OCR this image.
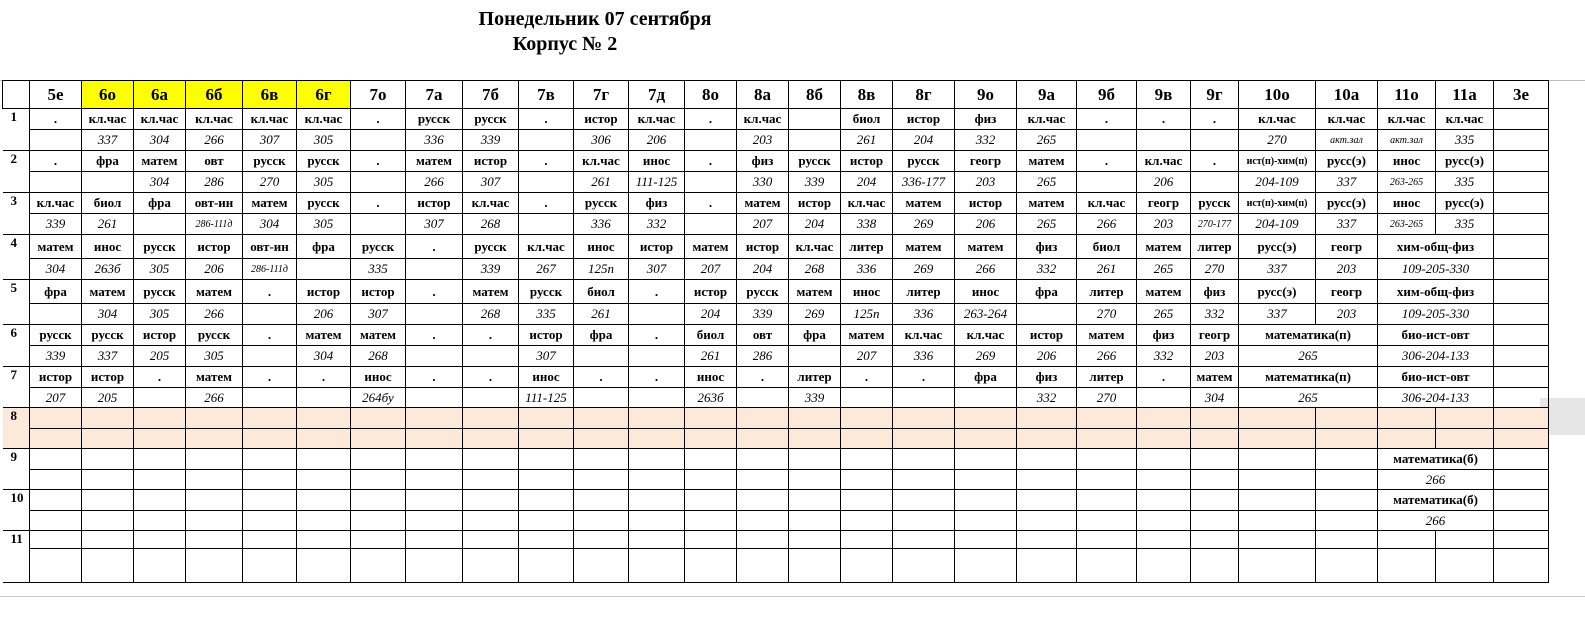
Понедельник 07 сентября
Корпус № 2
	5е	6о	6а	6б	6в	6г	7о	7а	7б	7в	7г	7д	8о	8а	8б	8в	8г	9о	9а	9б	9в	9г	10о	10а	11о	11а	3е
1	.	кл.час	кл.час	кл.час	кл.час	кл.час	.	русск	русск	.	истор	кл.час	.	кл.час		биол	истор	физ	кл.час	.	.	.	кл.час	кл.час	кл.час	кл.час	
		337	304	266	307	305		336	339		306	206		203		261	204	332	265				270	акт.зал	акт.зал	335	
2	.	фра	матем	овт	русск	русск	.	матем	истор	.	кл.час	инос	.	физ	русск	истор	русск	геогр	матем	.	кл.час	.	ист(п)-хим(п)	русс(э)	инос	русс(э)	
			304	286	270	305		266	307		261	111-125		330	339	204	336-177	203	265		206		204-109	337	263-265	335	
3	кл.час	биол	фра	овт-ин	матем	русск	.	истор	кл.час	.	русск	физ	.	матем	истор	кл.час	матем	истор	матем	кл.час	геогр	русск	ист(п)-хим(п)	русс(э)	инос	русс(э)	
	339	261		286-111д	304	305		307	268		336	332		207	204	338	269	206	265	266	203	270-177	204-109	337	263-265	335	
4	матем	инос	русск	истор	овт-ин	фра	русск	.	русск	кл.час	инос	истор	матем	истор	кл.час	литер	матем	матем	физ	биол	матем	литер	русс(э)	геогр	хим-общ-физ		
	304	263б	305	206	286-111д		335		339	267	125п	307	207	204	268	336	269	266	332	261	265	270	337	203	109-205-330		
5	фра	матем	русск	матем	.	истор	истор	.	матем	русск	биол	.	истор	русск	матем	инос	литер	инос	фра	литер	матем	физ	русс(э)	геогр	хим-общ-физ		
		304	305	266		206	307		268	335	261		204	339	269	125п	336	263-264		270	265	332	337	203	109-205-330		
6	русск	русск	истор	русск	.	матем	матем	.	.	истор	фра	.	биол	овт	фра	матем	кл.час	кл.час	истор	матем	физ	геогр	математика(п)		био-ист-овт		
	339	337	205	305		304	268			307			261	286		207	336	269	206	266	332	203	265		306-204-133		
7	истор	истор	.	матем	.	.	инос	.	.	инос	.	.	инос	.	литер	.	.	фра	физ	литер	.	матем	математика(п)		био-ист-овт		
	207	205		266			264бу			111-125			263б		339				332	270		304	265		306-204-133		
8																											

9																									математика(б)		
																									266		
10																									математика(б)		
																									266		
11																											
